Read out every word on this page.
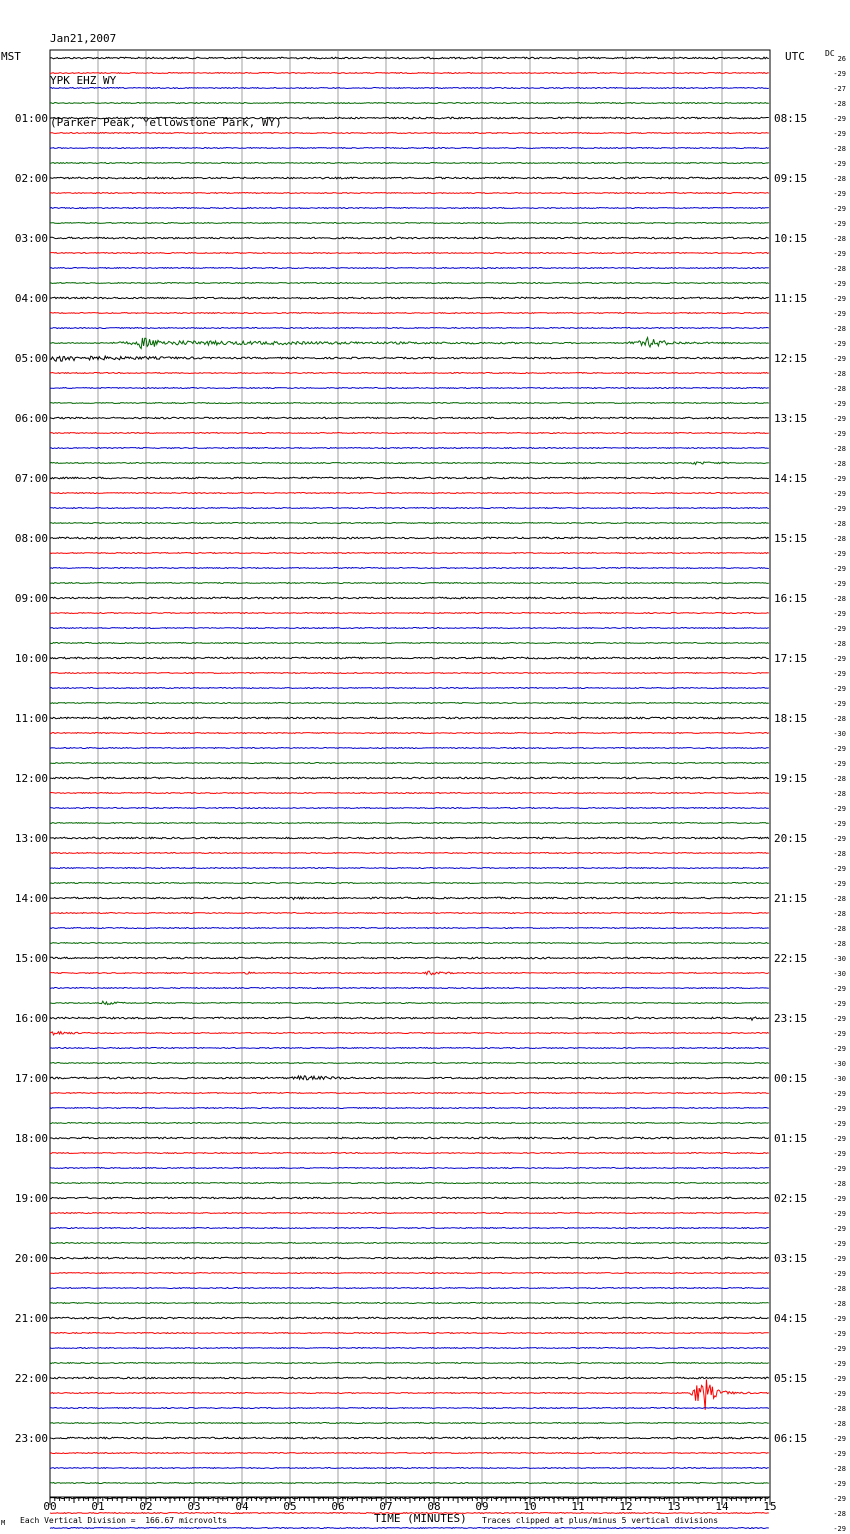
Jan21,2007

YPK EHZ WY

(Parker Peak, Yellowstone Park, WY)

MST	UTC	DC
00	01	02	03	04	05	06	07	08	09	10	11	12	13	14	15
26
-29
-27
-28
-29
-29
-28
-29
-28
-29
-29
-29
-28
-29
-28
-29
-29
-29
-28
-29
-29
-28
-28
-29
-29
-29
-28
-28
-29
-29
-29
-28
-28
-29
-29
-29
-28
-29
-29
-28
-29
-29
-29
-29
-28
-30
-29
-29
-28
-28
-29
-29
-29
-28
-29
-29
-28
-28
-28
-28
-30
-30
-29
-29
-29
-29
-29
-30
-30
-29
-29
-29
-29
-29
-29
-28
-29
-29
-29
-29
-29
-29
-28
-28
-29
-29
-29
-29
-29
-29
-28
-28
-29
-29
-28
-29
-29
-28
-29
01:00
02:00
03:00
04:00
05:00
06:00
07:00
08:00
09:00
10:00
11:00
12:00
13:00
14:00
15:00
16:00
17:00
18:00
19:00
20:00
21:00
22:00
23:00
08:15
09:15
10:15
11:15
12:15
13:15
14:15
15:15
16:15
17:15
18:15
19:15
20:15
21:15
22:15
23:15
00:15
01:15
02:15
03:15
04:15
05:15
06:15
M Each Vertical Division =  166.67 microvolts	TIME (MINUTES) Traces clipped at plus/minus 5 vertical divisions
